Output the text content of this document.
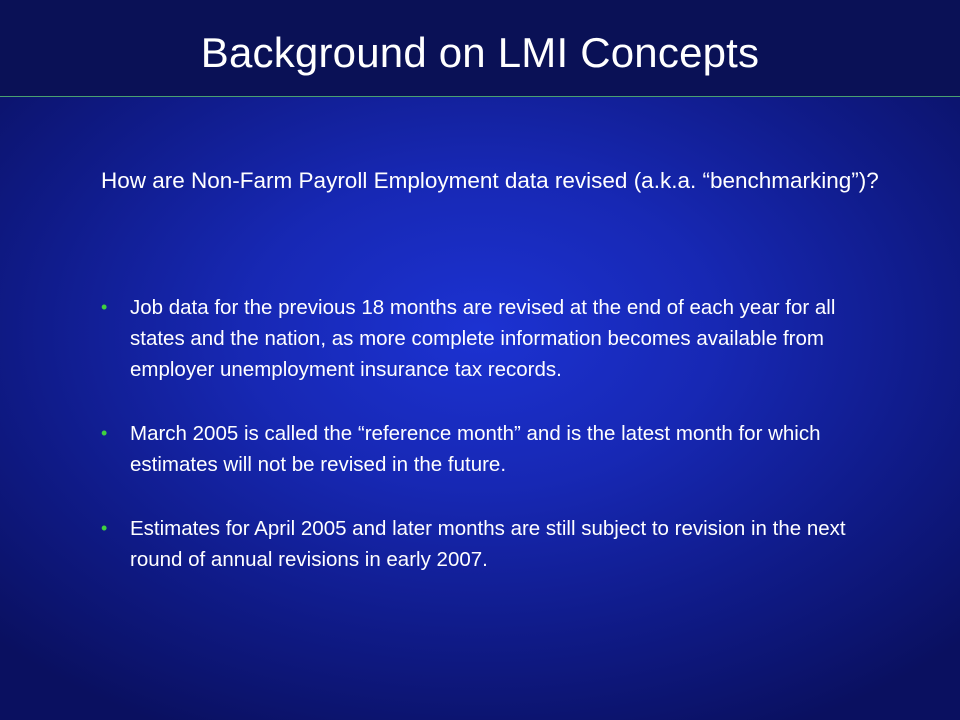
Background on LMI Concepts
How are Non-Farm Payroll Employment data revised (a.k.a. “benchmarking”)?
• Job data for the previous 18 months are revised at the end of each year for all states and the nation, as more complete information becomes available from employer unemployment insurance tax records.
• March 2005 is called the “reference month” and is the latest month for which estimates will not be revised in the future.
• Estimates for April 2005 and later months are still subject to revision in the next round of annual revisions in early 2007.
